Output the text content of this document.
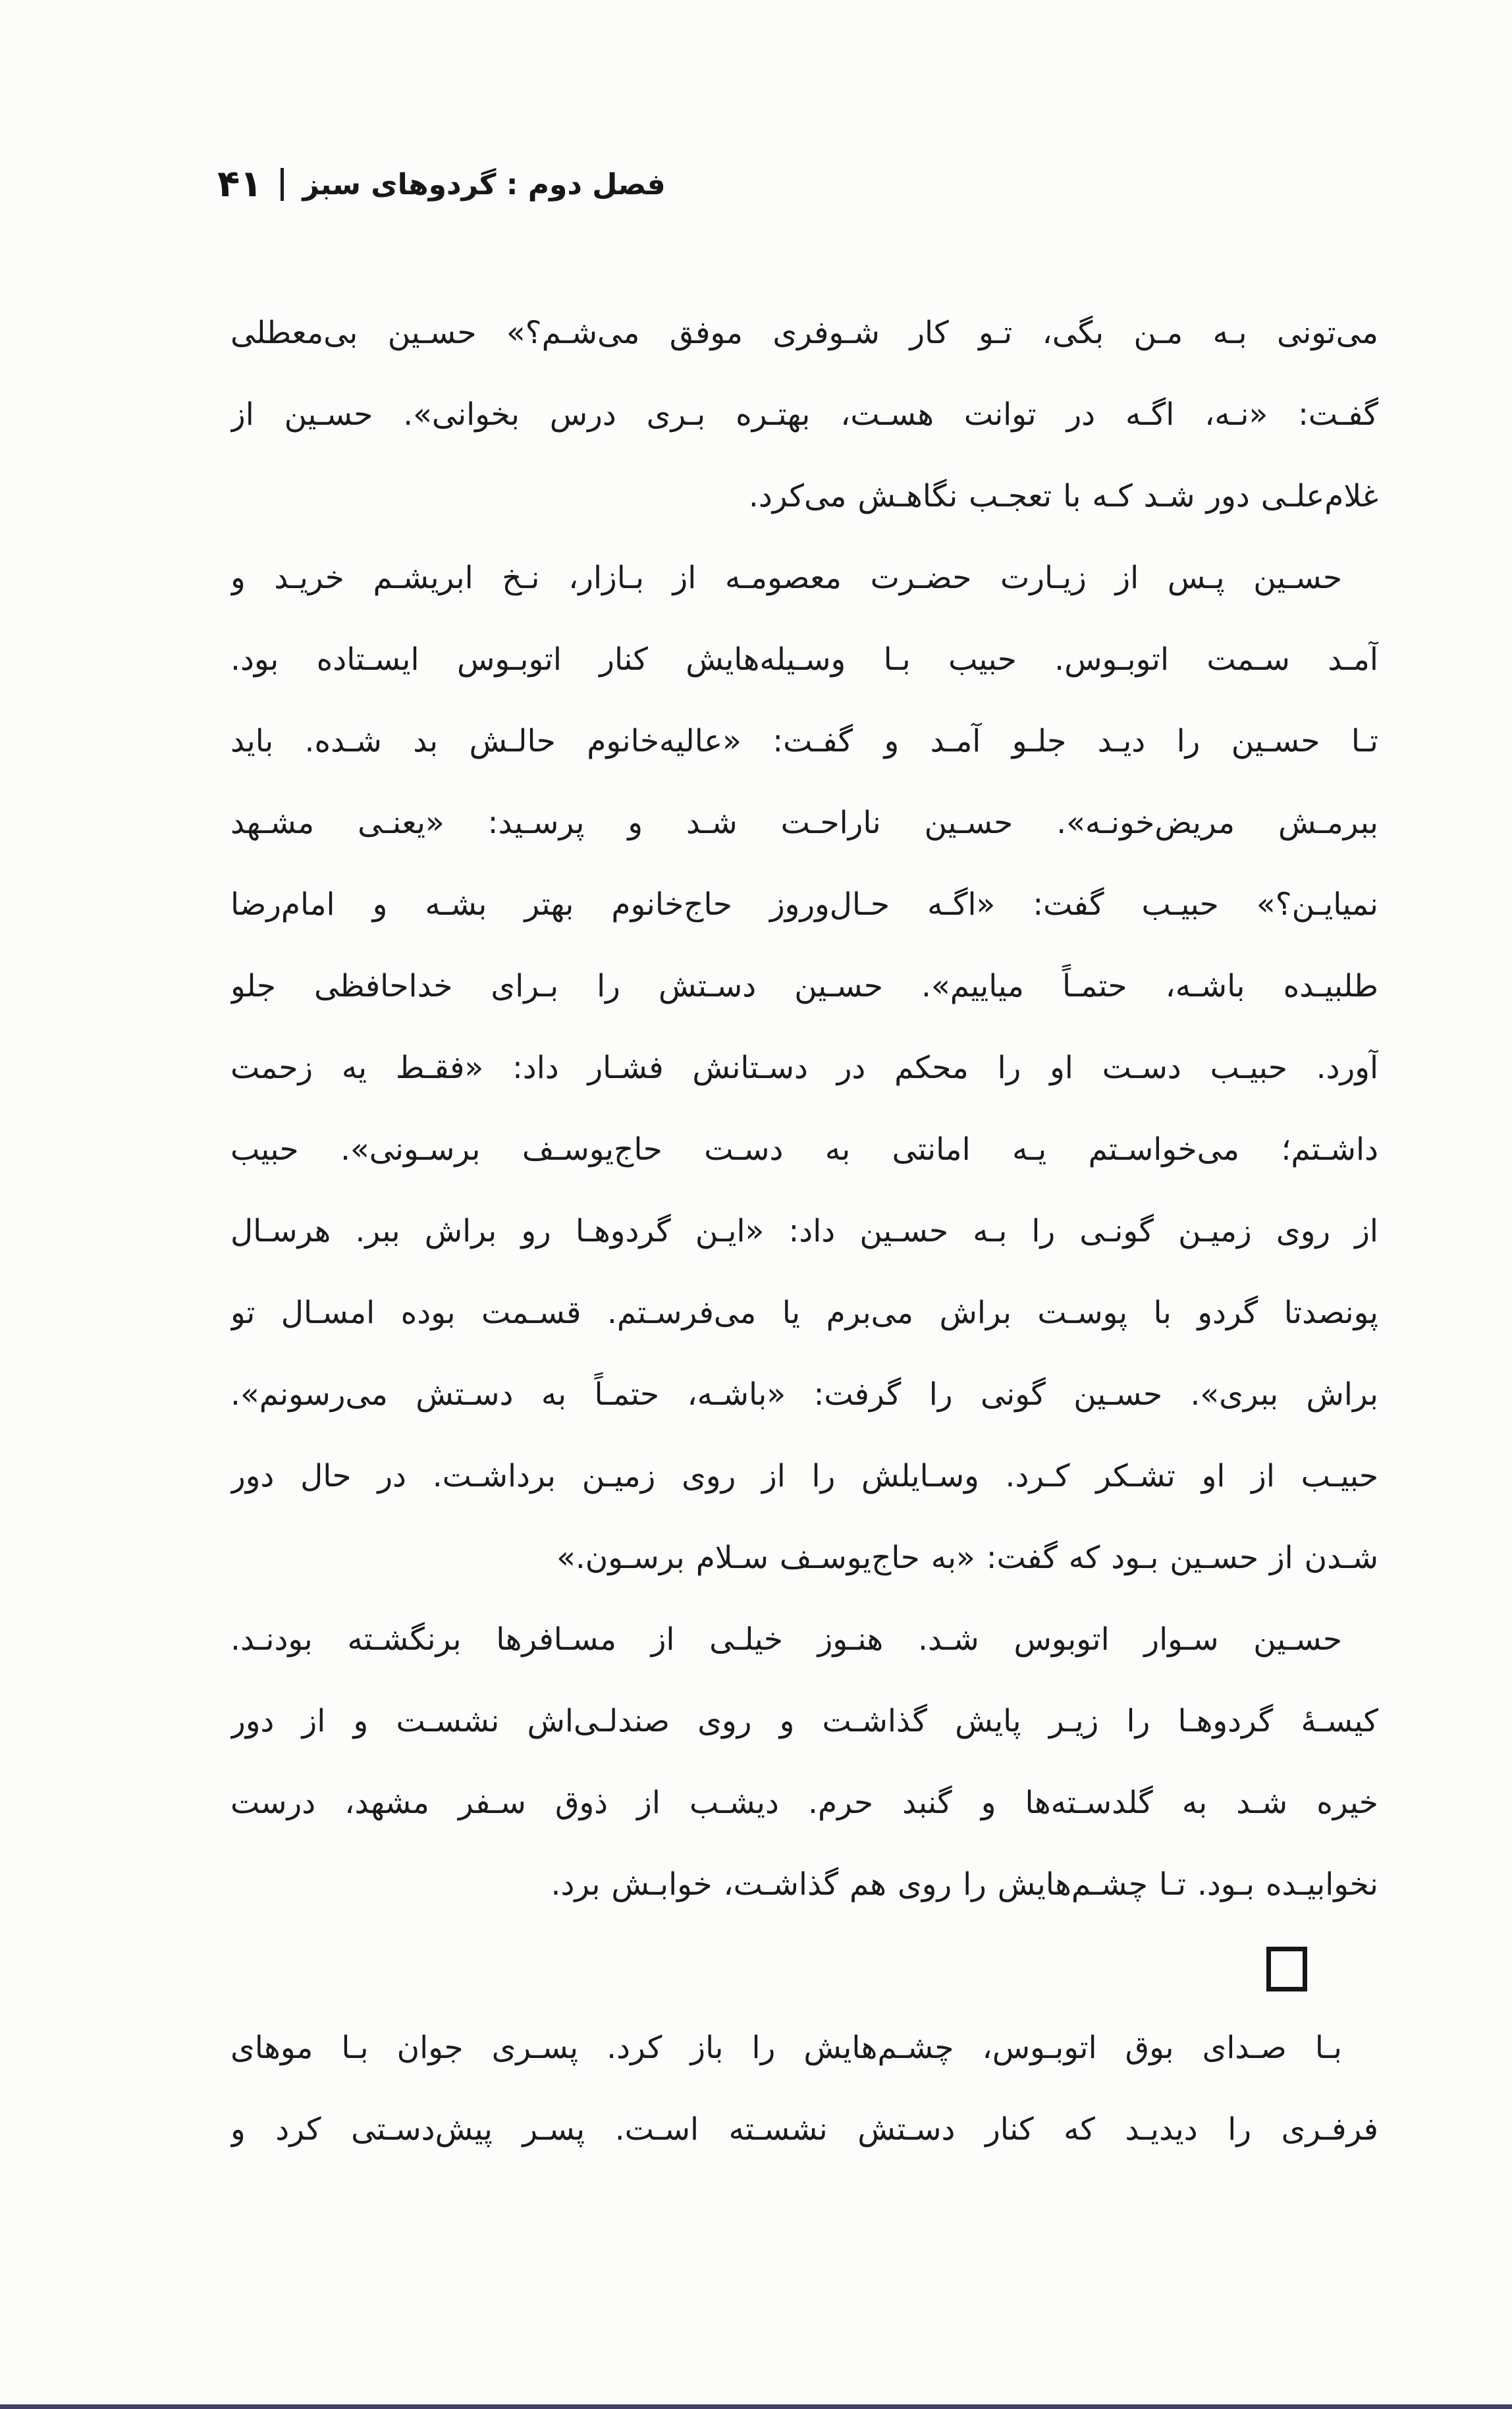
فصل دوم : گردوهای سبز
۴۱
می‌تونی بـه مـن بگی، تـو کار شـوفری موفق می‌شـم؟» حسـین بی‌معطلی
گفـت: «نـه، اگـه در توانت هسـت، بهتـره بـری درس بخوانی». حسـین از
غلام‌علـی دور شـد کـه با تعجـب نگاهـش می‌کرد.
حسـین پـس از زیـارت حضـرت معصومـه از بـازار، نـخ ابریشـم خریـد و
آمـد سـمت اتوبـوس. حبیب بـا وسـیله‌هایش کنار اتوبـوس ایسـتاده بود.
تـا حسـین را دیـد جلـو آمـد و گفـت: «عالیه‌خانوم حالـش بد شـده. باید
ببرمـش مریض‌خونـه». حسـین ناراحـت شـد و پرسـید: «یعنـی مشـهد
نمیایـن؟» حبیـب گفت: «اگـه حـال‌وروز حاج‌خانوم بهتر بشـه و امام‌رضا
طلبیـده باشـه، حتمـاً میاییم». حسـین دسـتش را بـرای خداحافظی جلو
آورد. حبیـب دسـت او را محکم در دسـتانش فشـار داد: «فقـط یه زحمت
داشـتم؛ می‌خواسـتم یـه امانتی به دسـت حاج‌یوسـف برسـونی». حبیب
از روی زمیـن گونـی را بـه حسـین داد: «ایـن گردوهـا رو براش ببر. هرسـال
پونصدتا گردو با پوسـت براش می‌برم یا می‌فرسـتم. قسـمت بوده امسـال تو
براش ببری». حسـین گونی را گرفت: «باشـه، حتمـاً به دسـتش می‌رسونم».
حبیـب از او تشـکر کـرد. وسـایلش را از روی زمیـن برداشـت. در حال دور
شـدن از حسـین بـود که گفت: «به حاج‌یوسـف سـلام برسـون.»
حسـین سـوار اتوبوس شـد. هنـوز خیلـی از مسـافرها برنگشـته بودنـد.
کیسـهٔ گردوهـا را زیـر پایش گذاشـت و روی صندلـی‌اش نشسـت و از دور
خیره شـد به گلدسـته‌ها و گنبد حرم. دیشـب از ذوق سـفر مشهد، درست
نخوابیـده بـود. تـا چشـم‌هایش را روی هم گذاشـت، خوابـش برد.
بـا صـدای بوق اتوبـوس، چشـم‌هایش را باز کرد. پسـری جوان بـا موهای
فرفـری را دیدیـد که کنار دسـتش نشسـته اسـت. پسـر پیش‌دسـتی کرد و
